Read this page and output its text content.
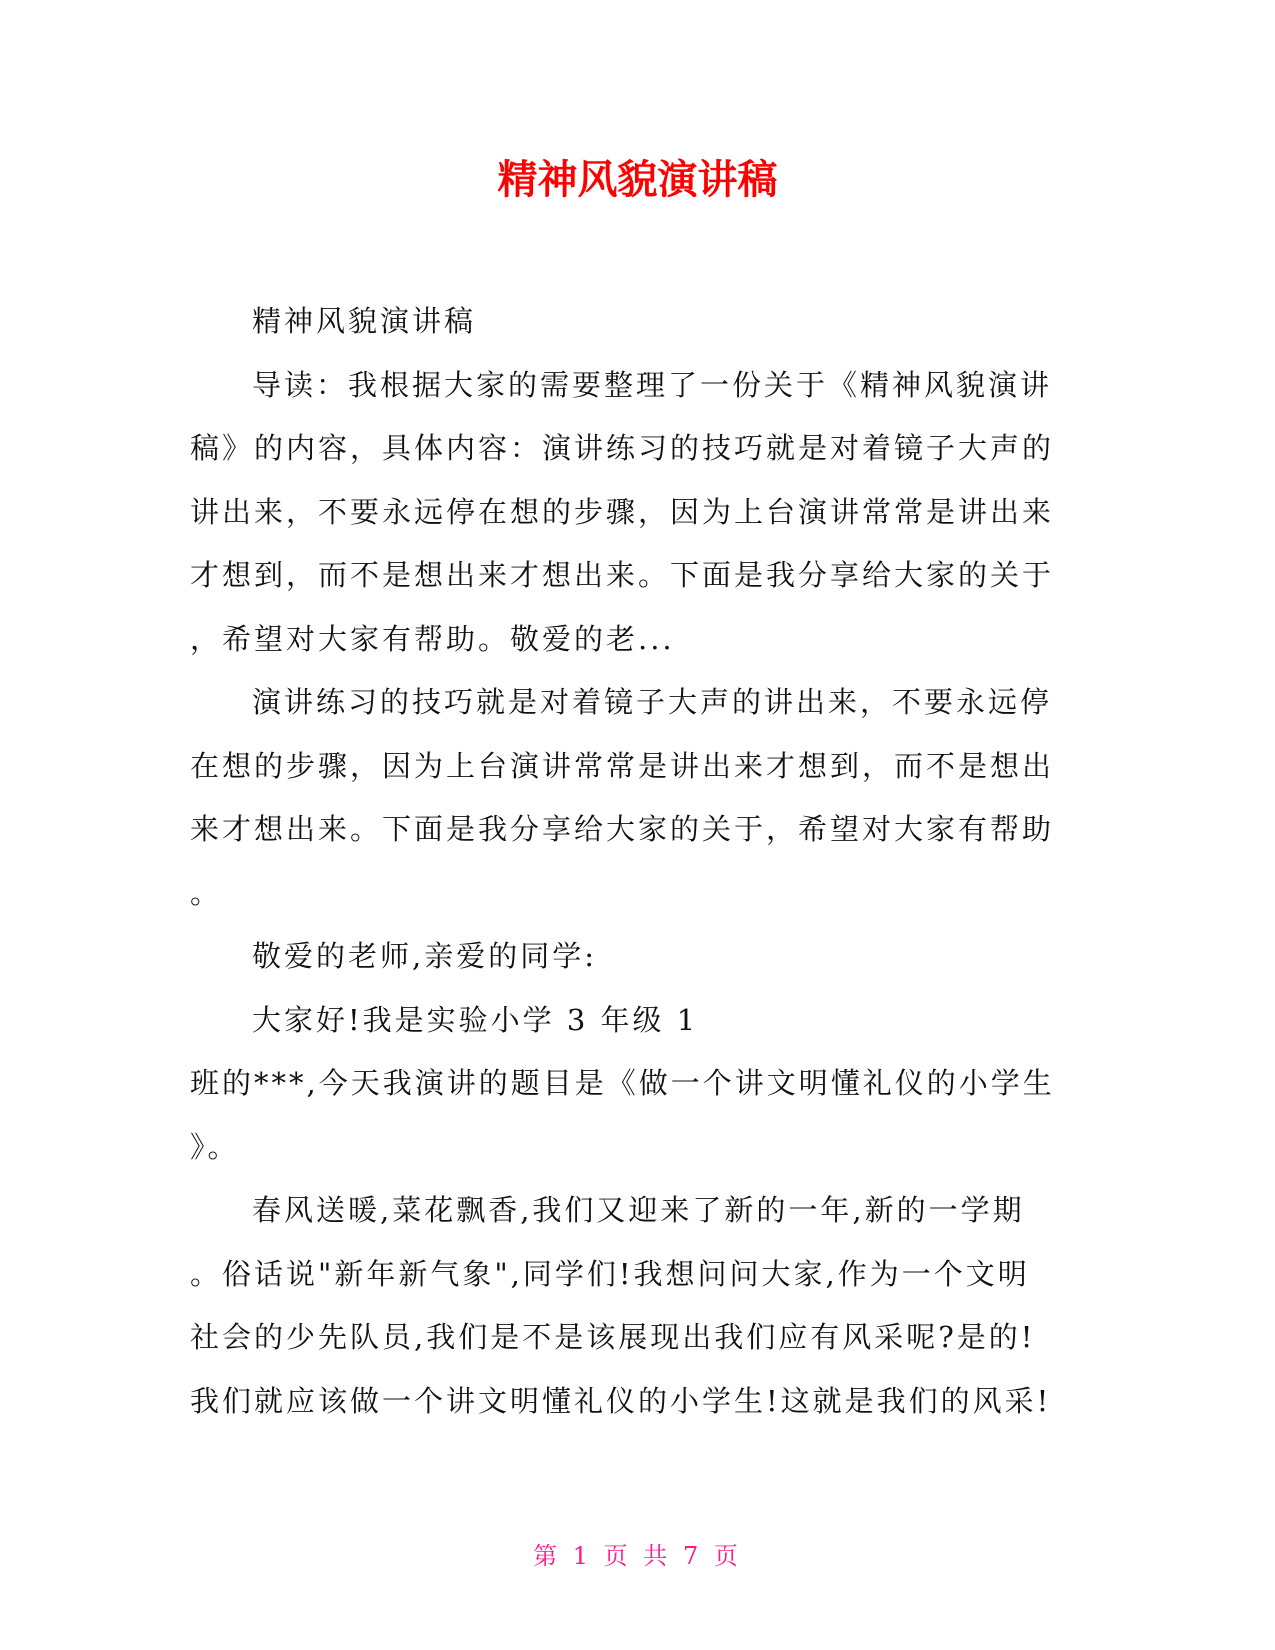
精神风貌演讲稿
精神风貌演讲稿
导读：我根据大家的需要整理了一份关于《精神风貌演讲
稿》的内容，具体内容：演讲练习的技巧就是对着镜子大声的
讲出来，不要永远停在想的步骤，因为上台演讲常常是讲出来
才想到，而不是想出来才想出来。下面是我分享给大家的关于
，希望对大家有帮助。敬爱的老...
演讲练习的技巧就是对着镜子大声的讲出来，不要永远停
在想的步骤，因为上台演讲常常是讲出来才想到，而不是想出
来才想出来。下面是我分享给大家的关于，希望对大家有帮助
。
敬爱的老师,亲爱的同学:
大家好!我是实验小学 3 年级 1
班的***,今天我演讲的题目是《做一个讲文明懂礼仪的小学生
》。
春风送暖,菜花飘香,我们又迎来了新的一年,新的一学期
。俗话说"新年新气象",同学们!我想问问大家,作为一个文明
社会的少先队员,我们是不是该展现出我们应有风采呢?是的!
我们就应该做一个讲文明懂礼仪的小学生!这就是我们的风采!
第 1 页 共 7 页
